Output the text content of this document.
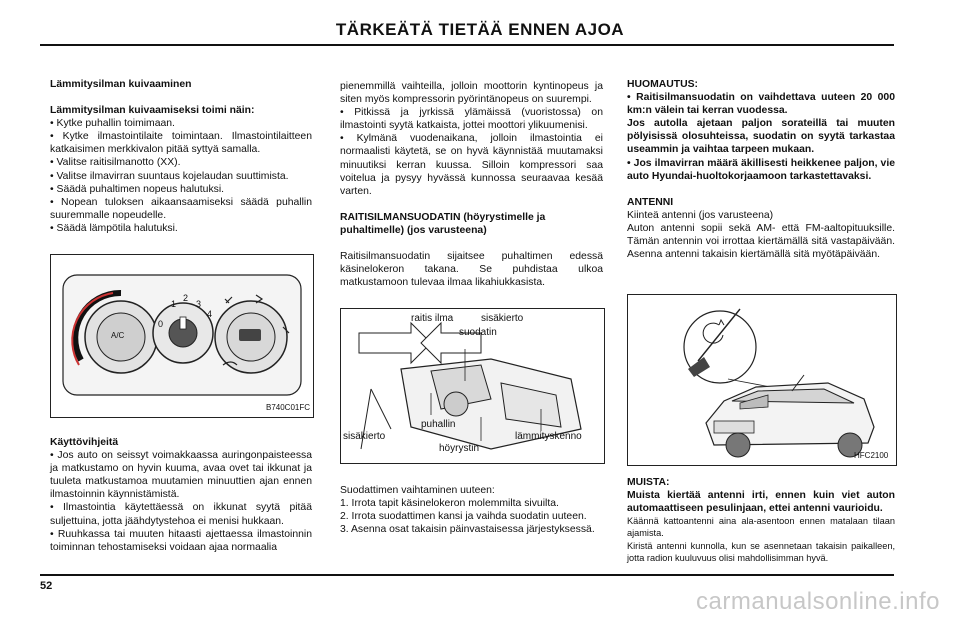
TÄRKEÄTÄ TIETÄÄ ENNEN AJOA

Lämmitysilman kuivaaminen

Lämmitysilman kuivaamiseksi toimi näin:

• Kytke puhallin toimimaan.

• Kytke ilmastointilaite toimintaan. Ilmastointilaitteen katkaisimen merkkivalon pitää syttyä samalla.

• Valitse raitisilmanotto (XX).

• Valitse ilmavirran suuntaus kojelaudan suuttimista.

• Säädä puhaltimen nopeus halutuksi.

• Nopean tuloksen aikaansaamiseksi säädä puhallin suuremmalle nopeudelle.

• Säädä lämpötila halutuksi.

A/C
0
1
2
3
4
B740C01FC

Käyttövihjeitä

• Jos auto on seissyt voimakkaassa auringonpaisteessa ja matkustamo on hyvin kuuma, avaa ovet tai ikkunat ja tuuleta matkustamoa muutamien minuuttien ajan ennen ilmastoinnin käynnistämistä.

• Ilmastointia käytettäessä on ikkunat syytä pitää suljettuina, jotta jäähdytystehoa ei menisi hukkaan.

• Ruuhkassa tai muuten hitaasti ajettaessa ilmastoinnin toiminnan tehostamiseksi voidaan ajaa normaalia

pienemmillä vaihteilla, jolloin moottorin kyntinopeus ja siten myös kompressorin pyörintänopeus on suurempi.

• Pitkissä ja jyrkissä ylämäissä (vuoristossa) on ilmastointi syytä katkaista, jottei moottori ylikuumenisi.

• Kylmänä vuodenaikana, jolloin ilmastointia ei normaalisti käytetä, se on hyvä käynnistää muutamaksi minuutiksi kerran kuussa. Silloin kompressori saa voitelua ja pysyy hyvässä kunnossa seuraavaa kesää varten.

RAITISILMANSUODATIN (höyrystimelle ja puhaltimelle) (jos varusteena)

Raitisilmansuodatin sijaitsee puhaltimen edessä käsinelokeron takana. Se puhdistaa ulkoa matkustamoon tulevaa ilmaa likahiukkasista.

raitis ilma	sisäkierto
suodatin
puhallin
sisäkierto
höyrystin
lämmityskenno

Suodattimen vaihtaminen uuteen:

1. Irrota tapit käsinelokeron molemmilta sivuilta.

2. Irrota suodattimen kansi ja vaihda suodatin uuteen.

3. Asenna osat takaisin päinvastaisessa järjestyksessä.

HUOMAUTUS:

• Raitisilmansuodatin on vaihdettava uuteen 20 000 km:n välein tai kerran vuodessa.

Jos autolla ajetaan paljon sorateillä tai muuten pölyisissä olosuhteissa, suodatin on syytä tarkastaa useammin ja vaihtaa tarpeen mukaan.

• Jos ilmavirran määrä äkillisesti heikkenee paljon, vie auto Hyundai-huoltokorjaamoon tarkastettavaksi.

ANTENNI

Kiinteä antenni (jos varusteena)

Auton antenni sopii sekä AM- että FM-aaltopituuksille. Tämän antennin voi irrottaa kiertämällä sitä vastapäivään. Asenna antenni takaisin kiertämällä sitä myötäpäivään.

HFC2100

MUISTA:

Muista kiertää antenni irti, ennen kuin viet auton automaattiseen pesulinjaan, ettei antenni vaurioidu.

Käännä kattoantenni aina ala-asentoon ennen matalaan tilaan ajamista.

Kiristä antenni kunnolla, kun se asennetaan takaisin paikalleen, jotta radion kuuluvuus olisi mahdollisimman hyvä.

52
carmanualsonline.info
